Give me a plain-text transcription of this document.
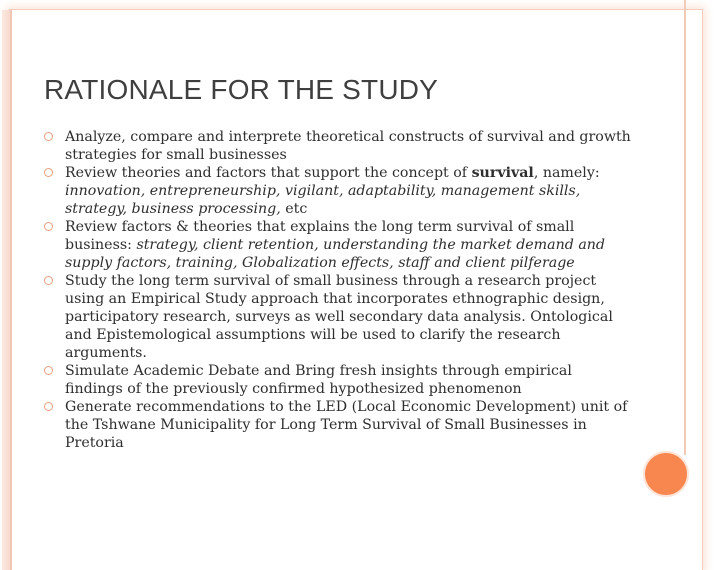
RATIONALE FOR THE STUDY
Analyze, compare and interprete theoretical constructs of survival and growth strategies for small businesses
Review theories and factors that support the concept of survival, namely: innovation, entrepreneurship, vigilant, adaptability, management skills, strategy, business processing, etc
Review factors & theories that explains the long term survival of small business: strategy, client retention, understanding the market demand and supply factors, training, Globalization effects, staff and client pilferage
Study the long term survival of small business through a research project using an Empirical Study approach that incorporates ethnographic design, participatory research, surveys as well secondary data analysis. Ontological and Epistemological assumptions will be used to clarify the research arguments.
Simulate Academic Debate and Bring fresh insights through empirical findings of the previously confirmed hypothesized phenomenon
Generate recommendations to the LED (Local Economic Development) unit of the Tshwane Municipality for Long Term Survival of Small Businesses in Pretoria
